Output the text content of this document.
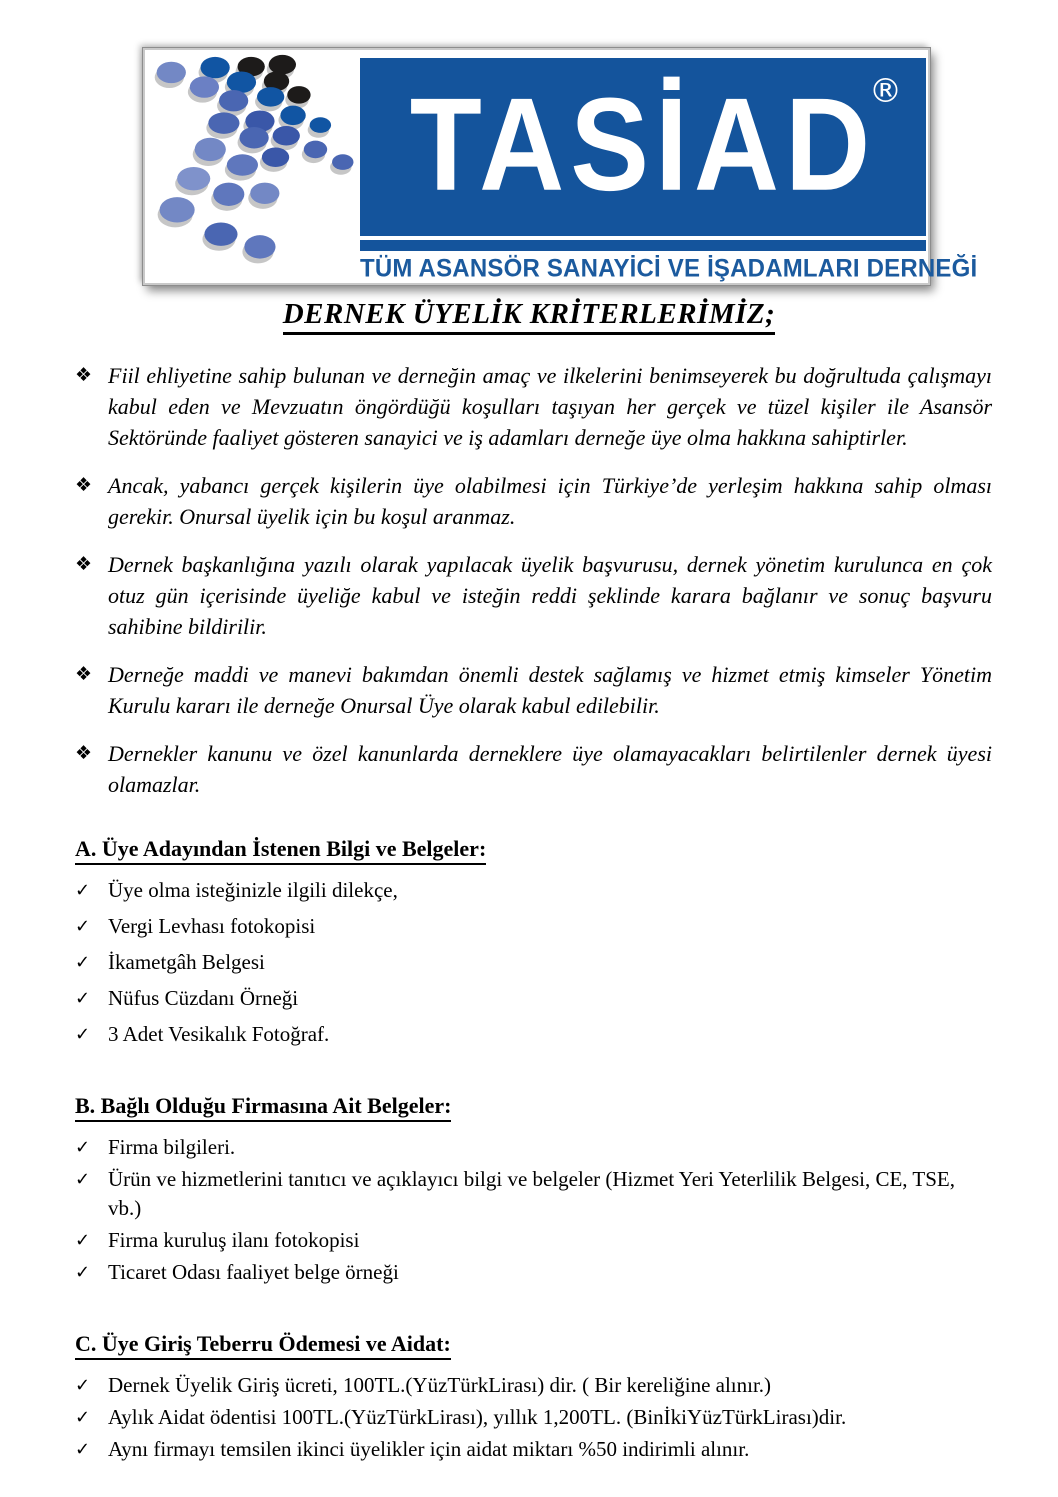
TASİAD
®
TÜM ASANSÖR SANAYİCİ VE İŞADAMLARI DERNEĞİ
DERNEK ÜYELİK KRİTERLERİMİZ;
❖ Fiil ehliyetine sahip bulunan ve derneğin amaç ve ilkelerini benimseyerek bu doğrultuda çalışmayı kabul eden ve Mevzuatın öngördüğü koşulları taşıyan her gerçek ve tüzel kişiler ile Asansör Sektöründe faaliyet gösteren sanayici ve iş adamları derneğe üye olma hakkına sahiptirler.

❖ Ancak, yabancı gerçek kişilerin üye olabilmesi için Türkiye’de yerleşim hakkına sahip olması gerekir. Onursal üyelik için bu koşul aranmaz.

❖ Dernek başkanlığına yazılı olarak yapılacak üyelik başvurusu, dernek yönetim kurulunca en çok otuz gün içerisinde üyeliğe kabul ve isteğin reddi şeklinde karara bağlanır ve sonuç başvuru sahibine bildirilir.

❖ Derneğe maddi ve manevi bakımdan önemli destek sağlamış ve hizmet etmiş kimseler Yönetim Kurulu kararı ile derneğe Onursal Üye olarak kabul edilebilir.

❖ Dernekler kanunu ve özel kanunlarda derneklere üye olamayacakları belirtilenler dernek üyesi olamazlar.

A. Üye Adayından İstenen Bilgi ve Belgeler:
✓ Üye olma isteğinizle ilgili dilekçe,
✓ Vergi Levhası fotokopisi
✓ İkametgâh Belgesi
✓ Nüfus Cüzdanı Örneği
✓ 3 Adet Vesikalık Fotoğraf.
B. Bağlı Olduğu Firmasına Ait Belgeler:
✓ Firma bilgileri.
✓ Ürün ve hizmetlerini tanıtıcı ve açıklayıcı bilgi ve belgeler (Hizmet Yeri Yeterlilik Belgesi, CE, TSE, vb.)
✓ Firma kuruluş ilanı fotokopisi
✓ Ticaret Odası faaliyet belge örneği
C. Üye Giriş Teberru Ödemesi ve Aidat:
✓ Dernek Üyelik Giriş ücreti, 100TL.(YüzTürkLirası) dir. ( Bir kereliğine alınır.)
✓ Aylık Aidat ödentisi 100TL.(YüzTürkLirası), yıllık 1,200TL. (BinİkiYüzTürkLirası)dir.
✓ Aynı firmayı temsilen ikinci üyelikler için aidat miktarı %50 indirimli alınır.
